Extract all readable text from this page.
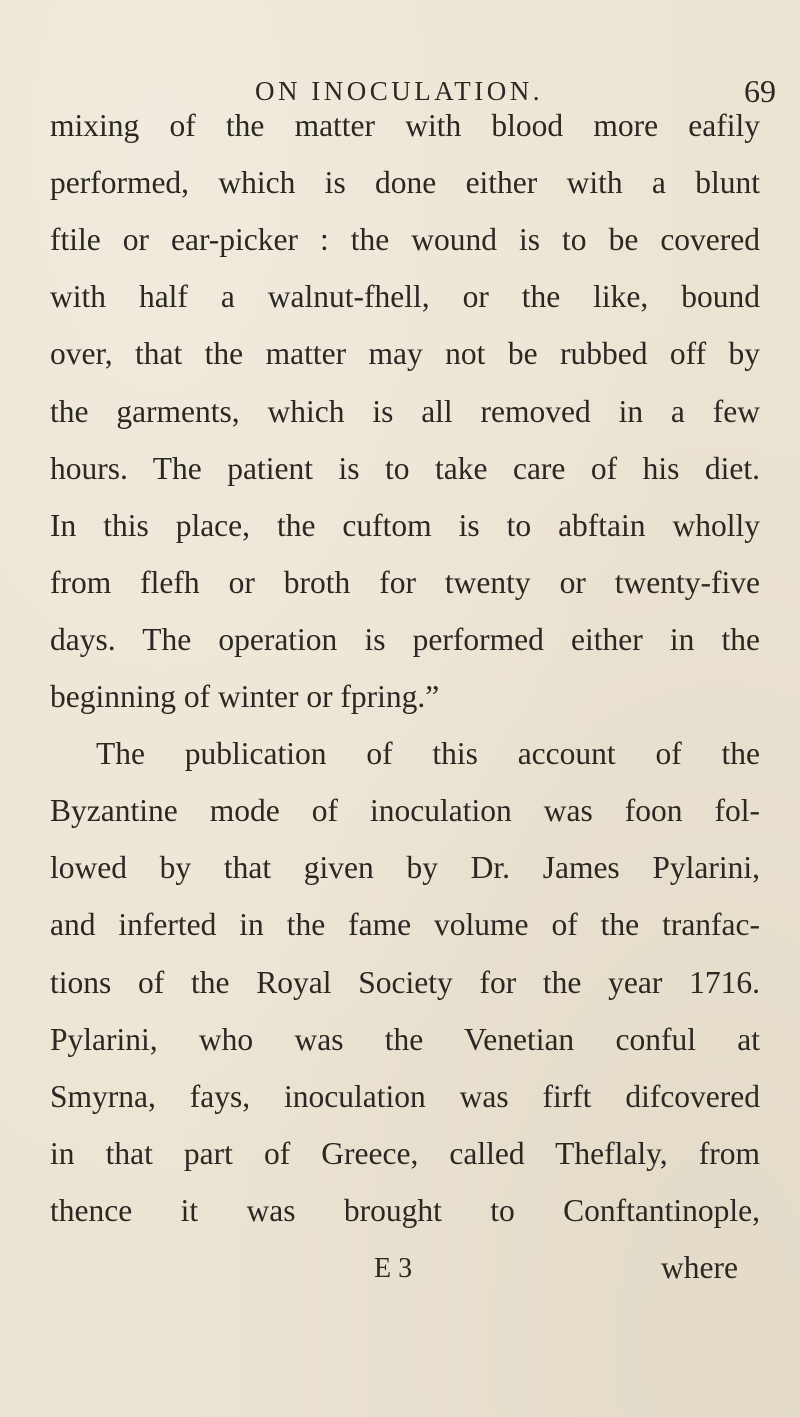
ON INOCULATION.	69
mixing of the matter with blood more eafily
performed, which is done either with a blunt
ftile or ear-picker : the wound is to be covered
with half a walnut-fhell, or the like, bound
over, that the matter may not be rubbed off by
the garments, which is all removed in a few
hours. The patient is to take care of his diet.
In this place, the cuftom is to abftain wholly
from flefh or broth for twenty or twenty-five
days. The operation is performed either in the
beginning of winter or fpring.”
The publication of this account of the
Byzantine mode of inoculation was foon fol-
lowed by that given by Dr. James Pylarini,
and inferted in the fame volume of the tranfac-
tions of the Royal Society for the year 1716.
Pylarini, who was the Venetian conful at
Smyrna, fays, inoculation was firft difcovered
in that part of Greece, called Theflaly, from
thence it was brought to Conftantinople,
E 3	where
